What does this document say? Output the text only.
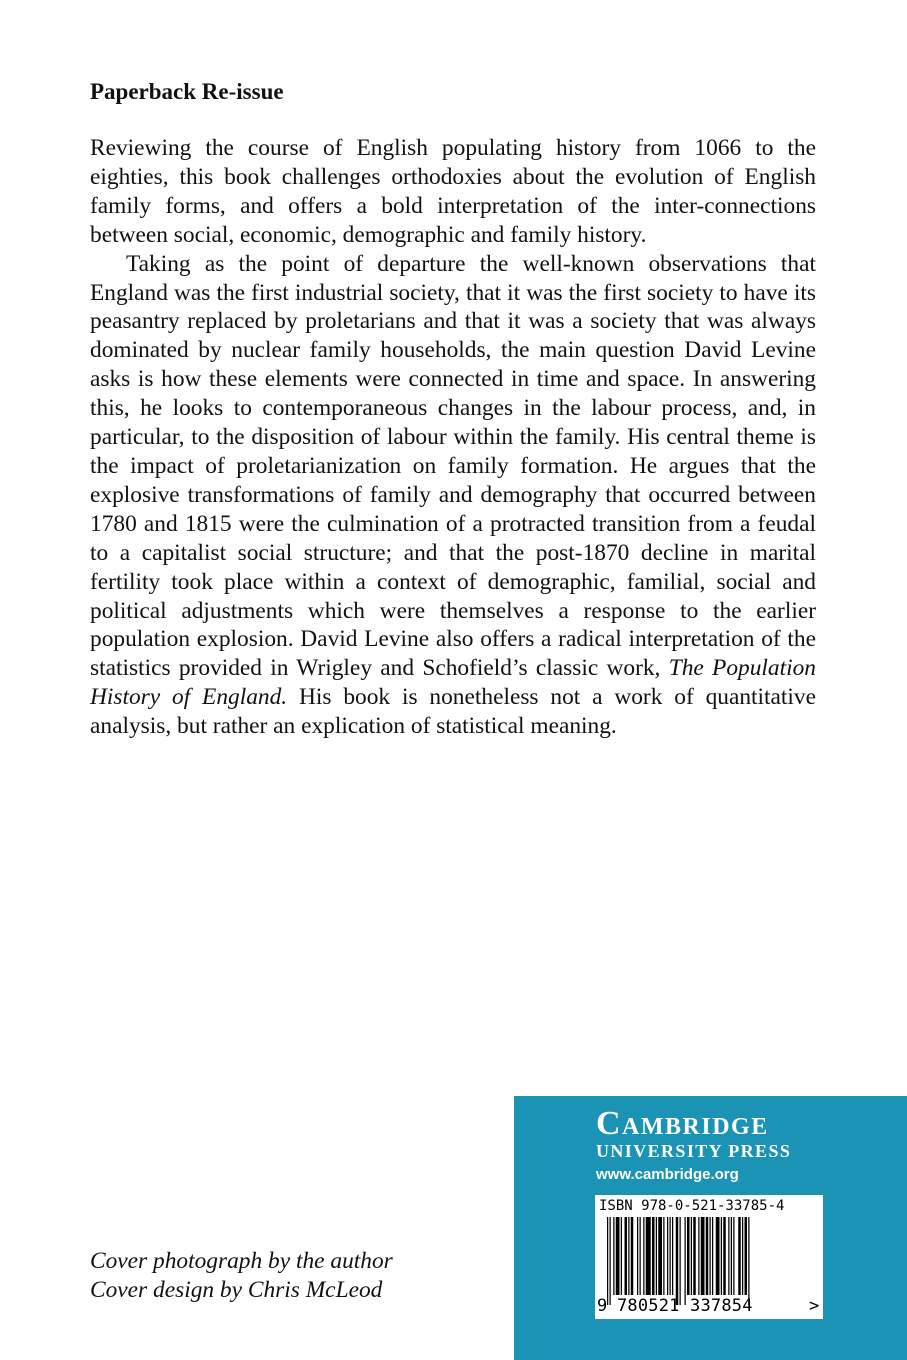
Paperback Re-issue

Reviewing the course of English populating history from 1066 to the eighties, this book challenges orthodoxies about the evolution of English family forms, and offers a bold interpretation of the inter-connections between social, economic, demographic and family history.

Taking as the point of departure the well-known observations that England was the first industrial society, that it was the first society to have its peasantry replaced by proletarians and that it was a society that was always dominated by nuclear family households, the main question David Levine asks is how these elements were connected in time and space. In answering this, he looks to contemporaneous changes in the labour process, and, in particular, to the disposition of labour within the family. His central theme is the impact of proletarianization on family formation. He argues that the explosive transformations of family and demography that occurred between 1780 and 1815 were the culmination of a protracted transition from a feudal to a capitalist social structure; and that the post-1870 decline in marital fertility took place within a context of demographic, familial, social and political adjustments which were themselves a response to the earlier population explosion. David Levine also offers a radical interpretation of the statistics provided in Wrigley and Schofield’s classic work, The Population History of England. His book is nonetheless not a work of quantitative analysis, but rather an explication of statistical meaning.

Cover photograph by the author
Cover design by Chris McLeod
Cambridge
UNIVERSITY PRESS
www.cambridge.org
ISBN 978-0-521-33785-4
9 780521 337854	>
